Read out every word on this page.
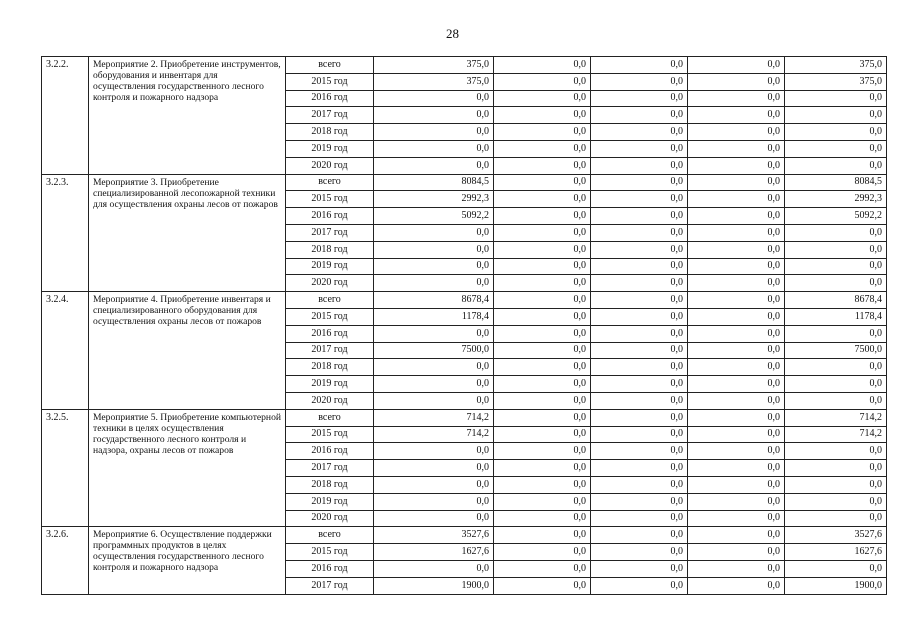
28
3.2.2.	Мероприятие 2. Приобретение инструментов, оборудования и инвентаря для осуществления государственного лесного контроля и пожарного надзора	всего	375,0	0,0	0,0	0,0	375,0
		2015 год	375,0	0,0	0,0	0,0	375,0
		2016 год	0,0	0,0	0,0	0,0	0,0
		2017 год	0,0	0,0	0,0	0,0	0,0
		2018 год	0,0	0,0	0,0	0,0	0,0
		2019 год	0,0	0,0	0,0	0,0	0,0
		2020 год	0,0	0,0	0,0	0,0	0,0
3.2.3.	Мероприятие 3. Приобретение специализированной лесопожарной техники для осуществления охраны лесов от пожаров	всего	8084,5	0,0	0,0	0,0	8084,5
		2015 год	2992,3	0,0	0,0	0,0	2992,3
		2016 год	5092,2	0,0	0,0	0,0	5092,2
		2017 год	0,0	0,0	0,0	0,0	0,0
		2018 год	0,0	0,0	0,0	0,0	0,0
		2019 год	0,0	0,0	0,0	0,0	0,0
		2020 год	0,0	0,0	0,0	0,0	0,0
3.2.4.	Мероприятие 4. Приобретение инвентаря и специализированного оборудования для осуществления охраны лесов от пожаров	всего	8678,4	0,0	0,0	0,0	8678,4
		2015 год	1178,4	0,0	0,0	0,0	1178,4
		2016 год	0,0	0,0	0,0	0,0	0,0
		2017 год	7500,0	0,0	0,0	0,0	7500,0
		2018 год	0,0	0,0	0,0	0,0	0,0
		2019 год	0,0	0,0	0,0	0,0	0,0
		2020 год	0,0	0,0	0,0	0,0	0,0
3.2.5.	Мероприятие 5. Приобретение компьютерной техники в целях осуществления государственного лесного контроля и надзора, охраны лесов от пожаров	всего	714,2	0,0	0,0	0,0	714,2
		2015 год	714,2	0,0	0,0	0,0	714,2
		2016 год	0,0	0,0	0,0	0,0	0,0
		2017 год	0,0	0,0	0,0	0,0	0,0
		2018 год	0,0	0,0	0,0	0,0	0,0
		2019 год	0,0	0,0	0,0	0,0	0,0
		2020 год	0,0	0,0	0,0	0,0	0,0
3.2.6.	Мероприятие 6. Осуществление поддержки программных продуктов в целях осуществления государственного лесного контроля и пожарного надзора	всего	3527,6	0,0	0,0	0,0	3527,6
		2015 год	1627,6	0,0	0,0	0,0	1627,6
		2016 год	0,0	0,0	0,0	0,0	0,0
		2017 год	1900,0	0,0	0,0	0,0	1900,0
